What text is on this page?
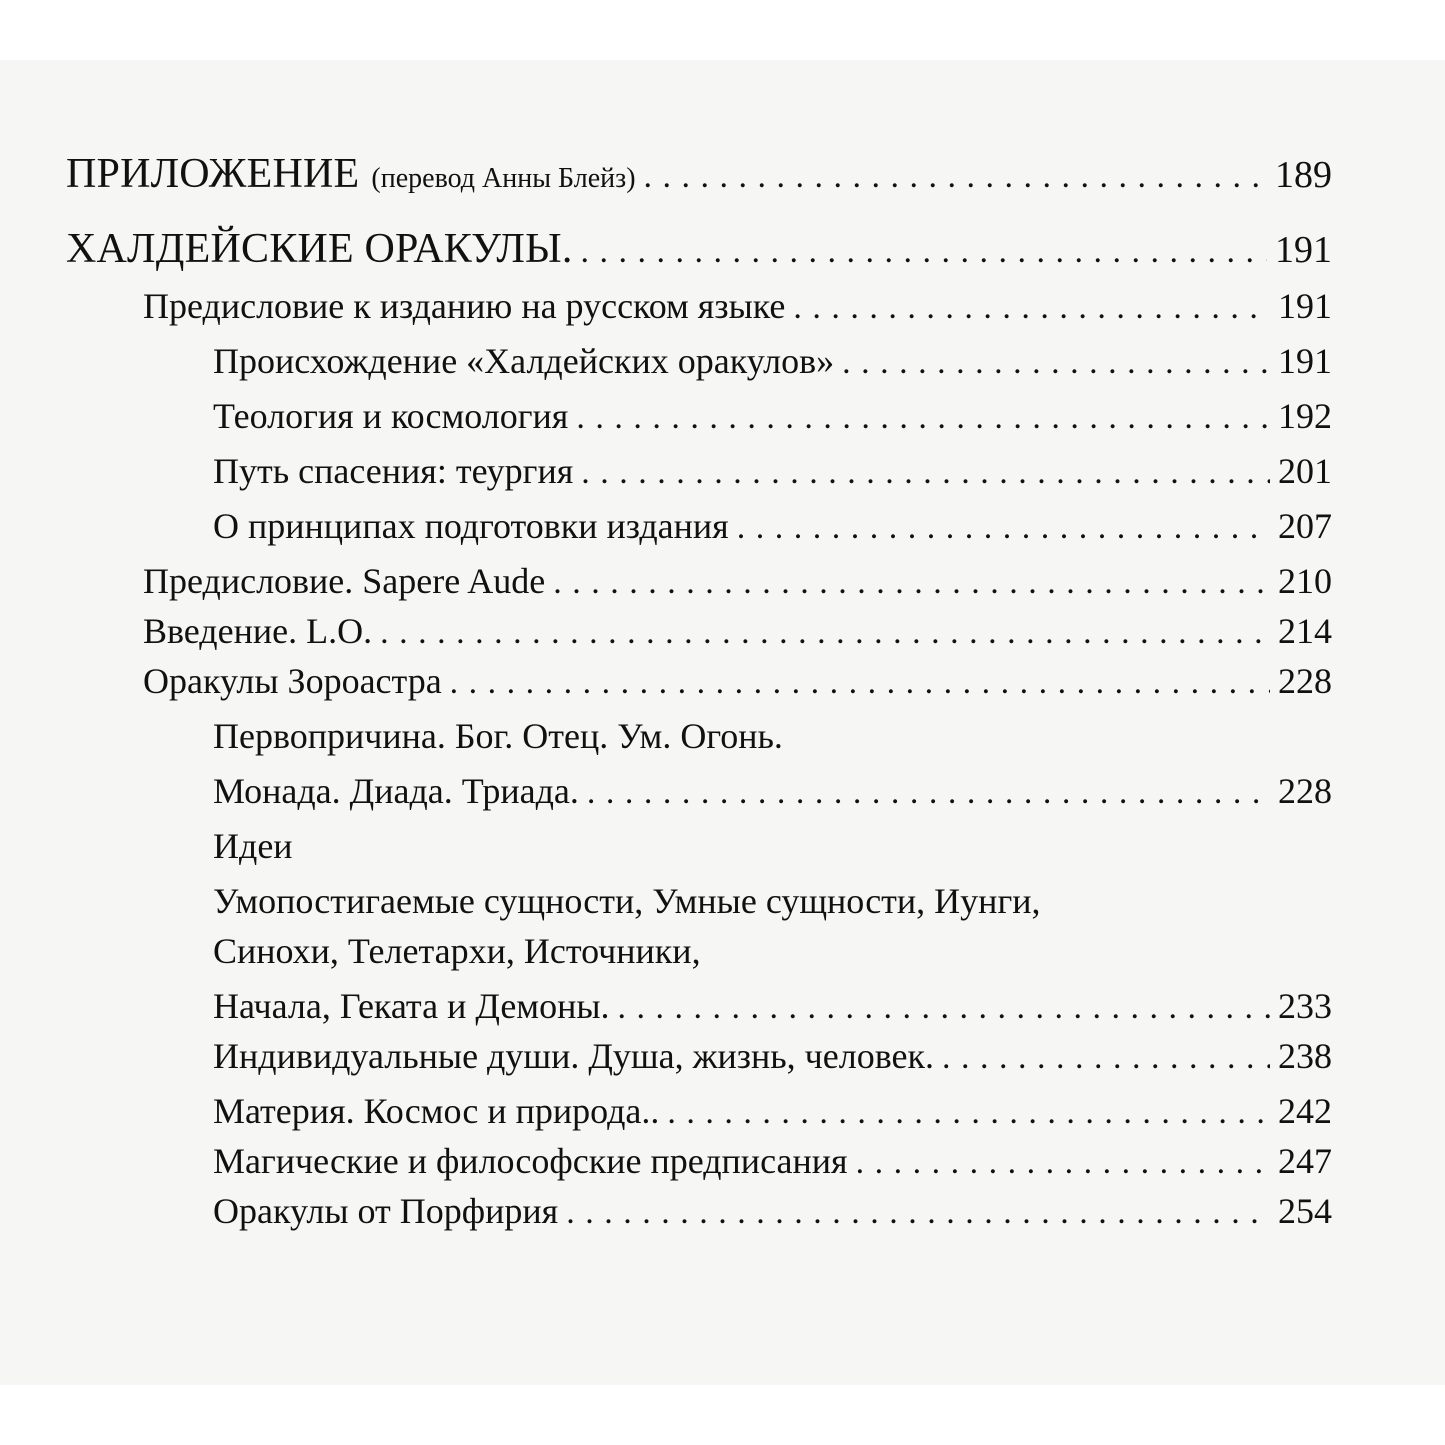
ПРИЛОЖЕНИЕ (перевод Анны Блейз) . . .	189
ХАЛДЕЙСКИЕ ОРАКУЛЫ. . . .	191
Предисловие к изданию на русском языке . . .	191
Происхождение «Халдейских оракулов» . . .	191
Теология и космология . . .	192
Путь спасения: теургия . . .	201
О принципах подготовки издания . . .	207
Предисловие. Sapere Aude . . .	210
Введение. L.O. . . .	214
Оракулы Зороастра . . .	228
Первопричина. Бог. Отец. Ум. Огонь.
Монада. Диада. Триада. . . .	228
Идеи
Умопостигаемые сущности, Умные сущности, Иунги,
Синохи, Телетархи, Источники,
Начала, Геката и Демоны. . . .	233
Индивидуальные души. Душа, жизнь, человек. . . .	238
Материя. Космос и природа.. . . .	242
Магические и философские предписания . . .	247
Оракулы от Порфирия . . .	254
